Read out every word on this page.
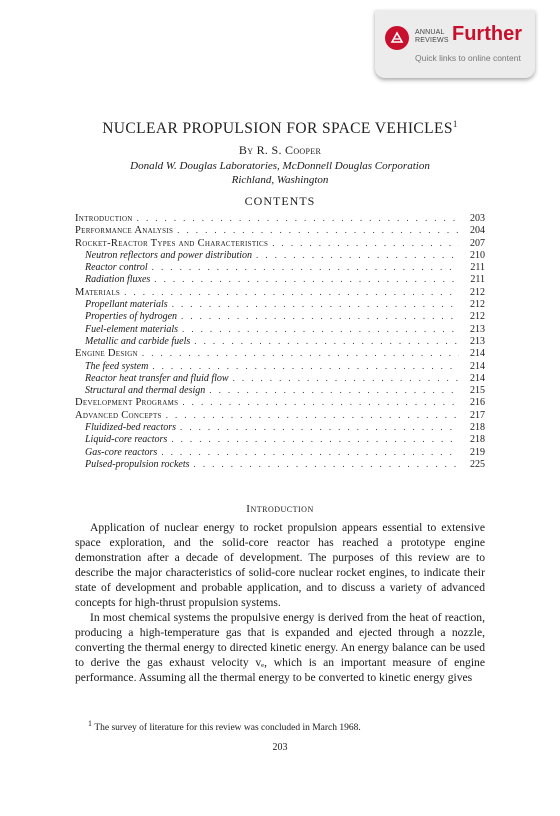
ANNUAL
REVIEWS Further
Quick links to online content
NUCLEAR PROPULSION FOR SPACE VEHICLES$^1$
By R. S. Cooper
Donald W. Douglas Laboratories, McDonnell Douglas Corporation
Richland, Washington
CONTENTS
Introduction . . .	203
Performance Analysis . . .	204
Rocket-Reactor Types and Characteristics . . .	207
Neutron reflectors and power distribution . . .	210
Reactor control . . .	211
Radiation fluxes . . .	211
Materials . . .	212
Propellant materials . . .	212
Properties of hydrogen . . .	212
Fuel-element materials . . .	213
Metallic and carbide fuels . . .	213
Engine Design . . .	214
The feed system . . .	214
Reactor heat transfer and fluid flow . . .	214
Structural and thermal design . . .	215
Development Programs . . .	216
Advanced Concepts . . .	217
Fluidized-bed reactors . . .	218
Liquid-core reactors . . .	218
Gas-core reactors . . .	219
Pulsed-propulsion rockets . . .	225
Introduction

Application of nuclear energy to rocket propulsion appears essential to extensive space exploration, and the solid-core reactor has reached a prototype engine demonstration after a decade of development. The purposes of this review are to describe the major characteristics of solid-core nuclear rocket engines, to indicate their state of development and probable application, and to discuss a variety of advanced concepts for high-thrust propulsion systems.

In most chemical systems the propulsive energy is derived from the heat of reaction, producing a high-temperature gas that is expanded and ejected through a nozzle, converting the thermal energy to directed kinetic energy. An energy balance can be used to derive the gas exhaust velocity vₑ, which is an important measure of engine performance. Assuming all the thermal energy to be converted to kinetic energy gives

$^1$ The survey of literature for this review was concluded in March 1968.
203
